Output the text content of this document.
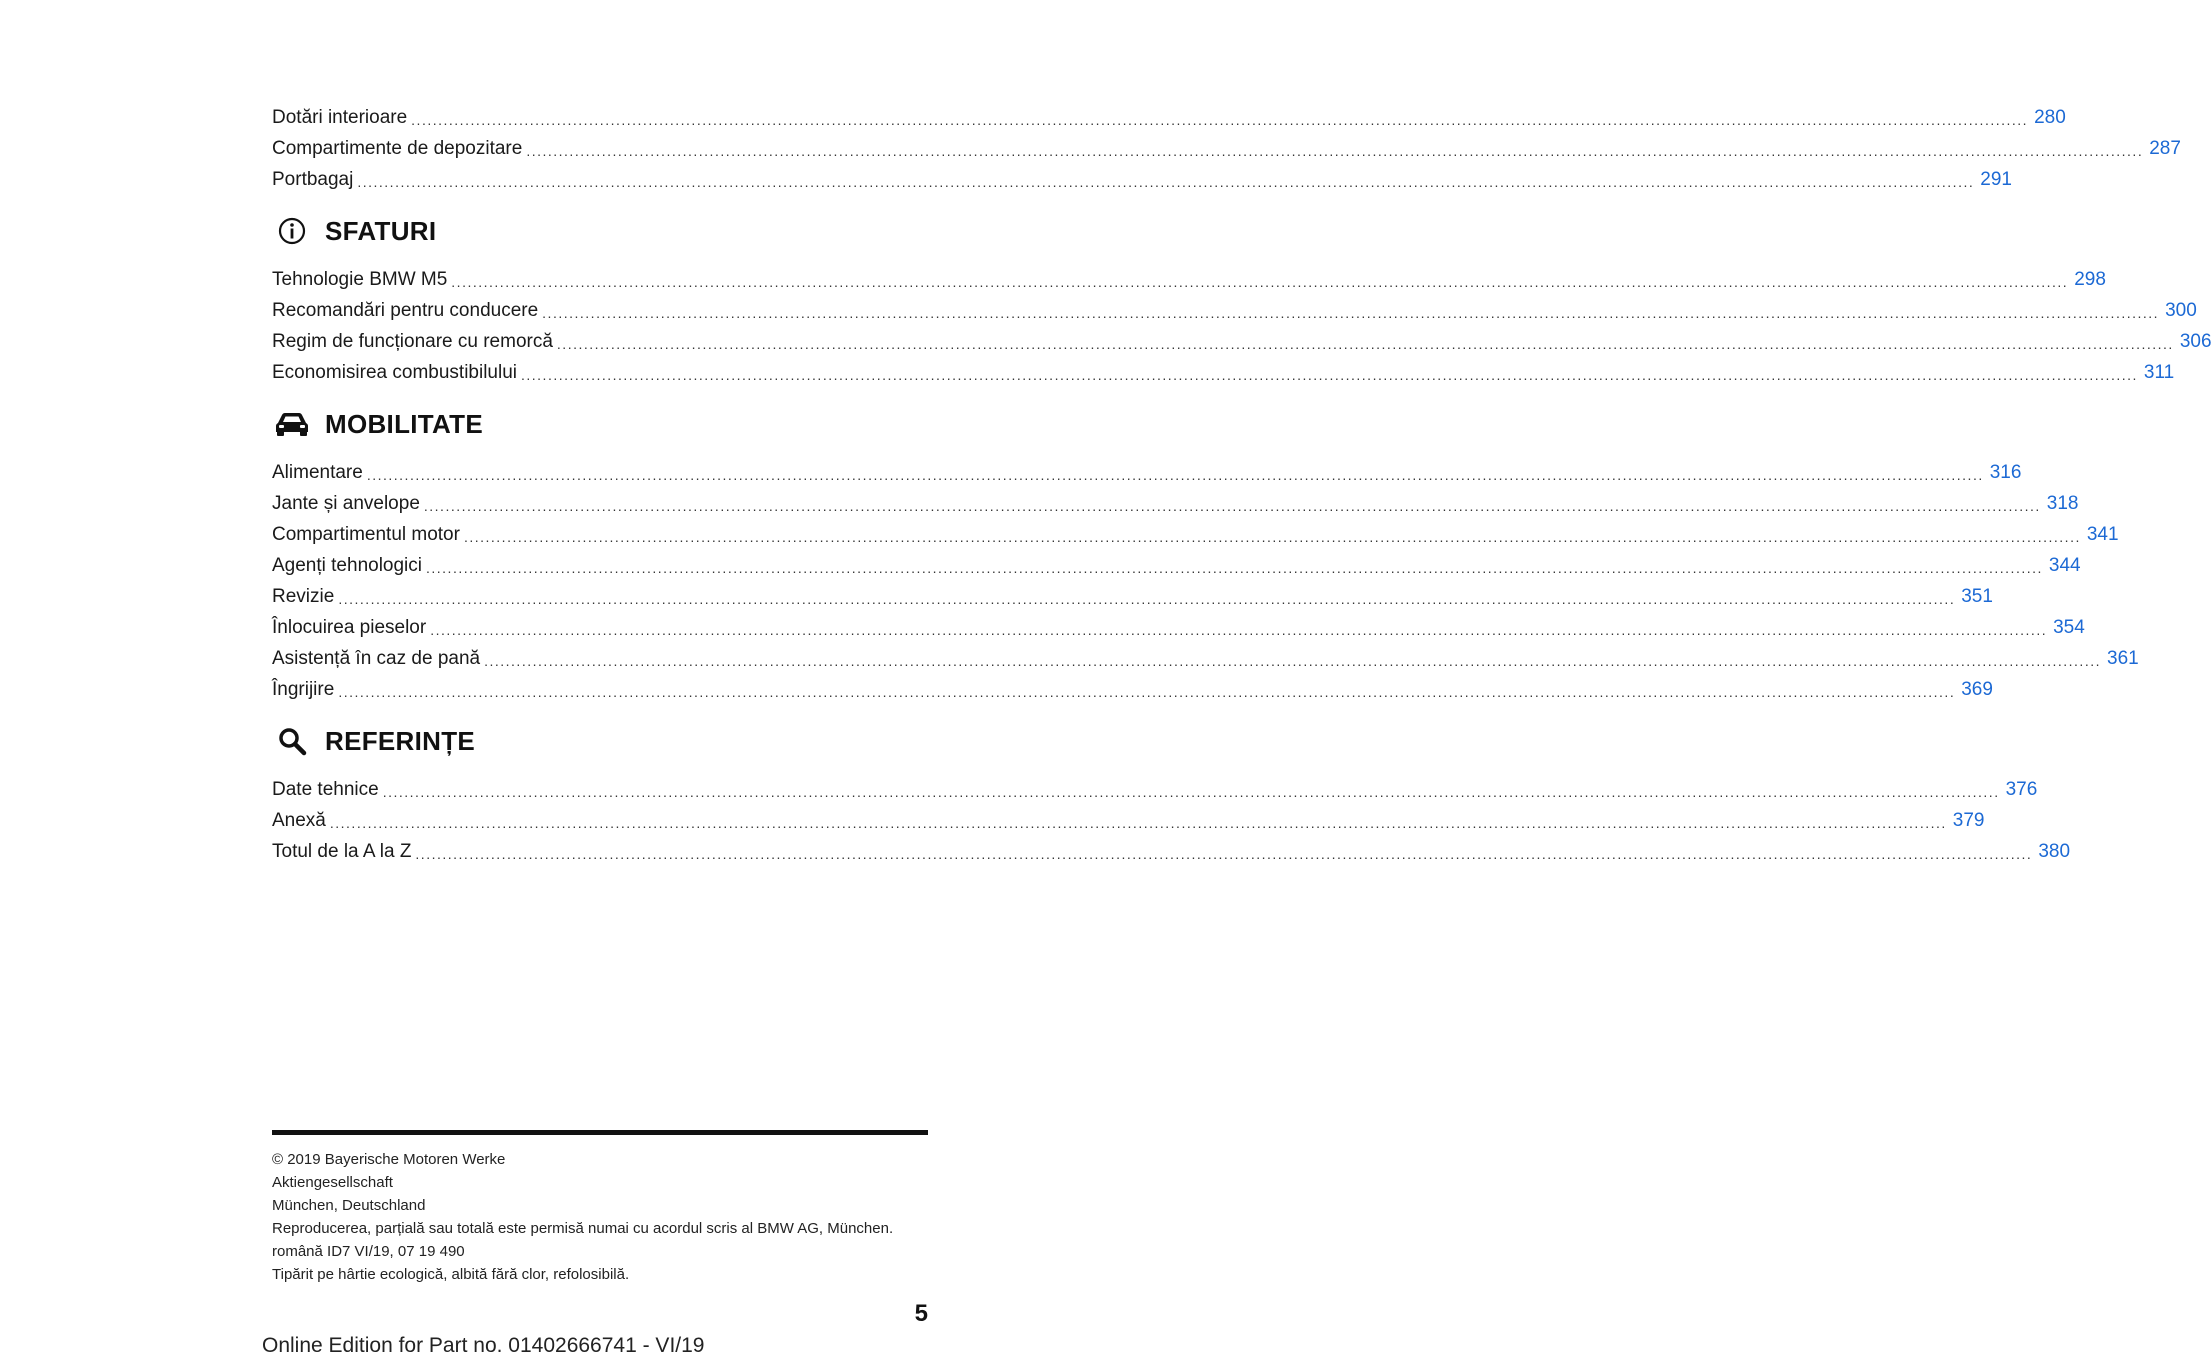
Dotări interioare ............................................................................................................................................................................................................................................................................................................ 280
Compartimente de depozitare ............................................................................................................................................................................................................................................................................................................ 287
Portbagaj ............................................................................................................................................................................................................................................................................................................ 291
SFATURI
Tehnologie BMW M5 ............................................................................................................................................................................................................................................................................................................ 298
Recomandări pentru conducere ............................................................................................................................................................................................................................................................................................................ 300
Regim de funcționare cu remorcă ............................................................................................................................................................................................................................................................................................................ 306
Economisirea combustibilului ............................................................................................................................................................................................................................................................................................................ 311
MOBILITATE
Alimentare ............................................................................................................................................................................................................................................................................................................ 316
Jante și anvelope ............................................................................................................................................................................................................................................................................................................ 318
Compartimentul motor ............................................................................................................................................................................................................................................................................................................ 341
Agenți tehnologici ............................................................................................................................................................................................................................................................................................................ 344
Revizie ............................................................................................................................................................................................................................................................................................................ 351
Înlocuirea pieselor ............................................................................................................................................................................................................................................................................................................ 354
Asistență în caz de pană ............................................................................................................................................................................................................................................................................................................ 361
Îngrijire ............................................................................................................................................................................................................................................................................................................ 369
REFERINȚE
Date tehnice ............................................................................................................................................................................................................................................................................................................ 376
Anexă ............................................................................................................................................................................................................................................................................................................ 379
Totul de la A la Z ............................................................................................................................................................................................................................................................................................................ 380
© 2019 Bayerische Motoren Werke
Aktiengesellschaft
München, Deutschland
Reproducerea, parțială sau totală este permisă numai cu acordul scris al BMW AG, München.
română ID7 VI/19, 07 19 490
Tipărit pe hârtie ecologică, albită fără clor, refolosibilă.
5
Online Edition for Part no. 01402666741 - VI/19
